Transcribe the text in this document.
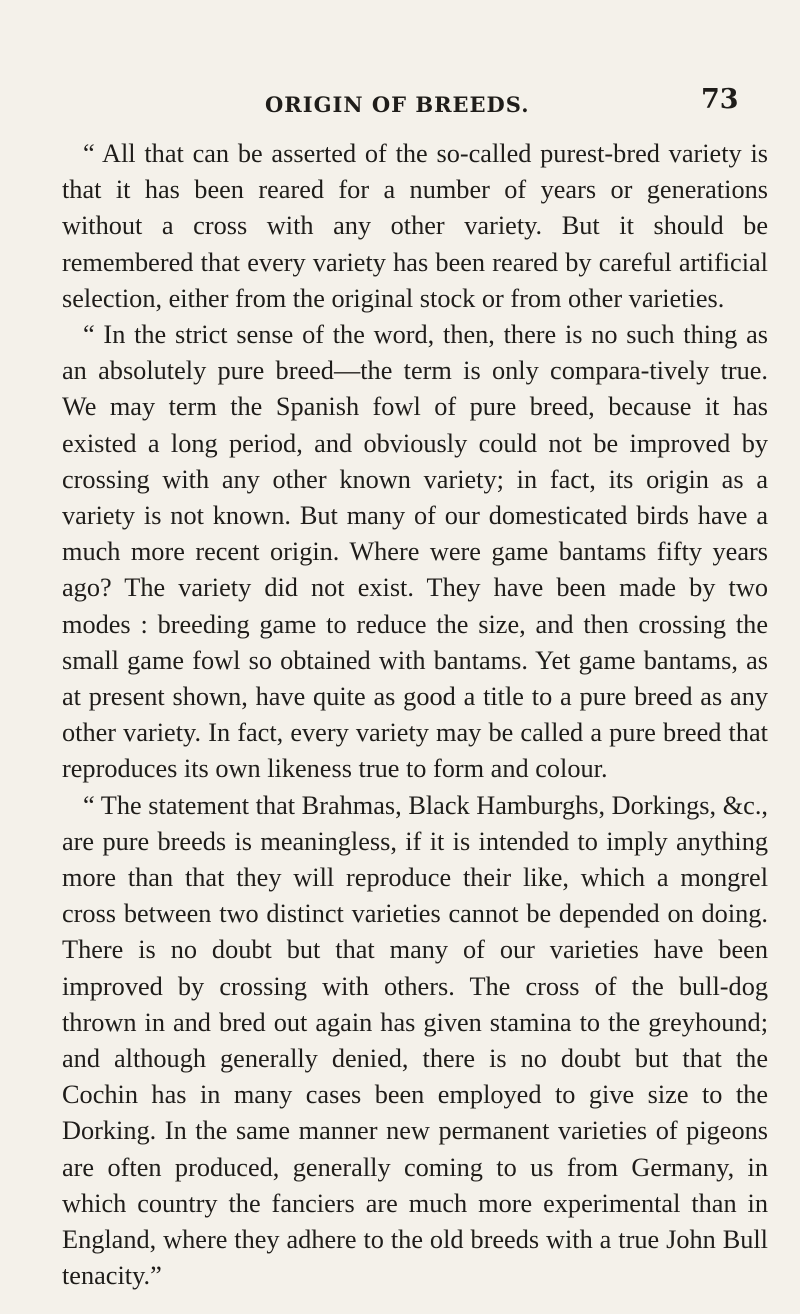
ORIGIN OF BREEDS.	73

“ All that can be asserted of the so-called purest-bred variety is that it has been reared for a number of years or generations without a cross with any other variety. But it should be remembered that every variety has been reared by careful artificial selection, either from the original stock or from other varieties.

“ In the strict sense of the word, then, there is no such thing as an absolutely pure breed—the term is only compara-tively true. We may term the Spanish fowl of pure breed, because it has existed a long period, and obviously could not be improved by crossing with any other known variety; in fact, its origin as a variety is not known. But many of our domesticated birds have a much more recent origin. Where were game bantams fifty years ago? The variety did not exist. They have been made by two modes : breeding game to reduce the size, and then crossing the small game fowl so obtained with bantams. Yet game bantams, as at present shown, have quite as good a title to a pure breed as any other variety. In fact, every variety may be called a pure breed that reproduces its own likeness true to form and colour.

“ The statement that Brahmas, Black Hamburghs, Dorkings, &c., are pure breeds is meaningless, if it is intended to imply anything more than that they will reproduce their like, which a mongrel cross between two distinct varieties cannot be depended on doing. There is no doubt but that many of our varieties have been improved by crossing with others. The cross of the bull-dog thrown in and bred out again has given stamina to the greyhound; and although generally denied, there is no doubt but that the Cochin has in many cases been employed to give size to the Dorking. In the same manner new permanent varieties of pigeons are often produced, generally coming to us from Germany, in which country the fanciers are much more experimental than in England, where they adhere to the old breeds with a true John Bull tenacity.”
